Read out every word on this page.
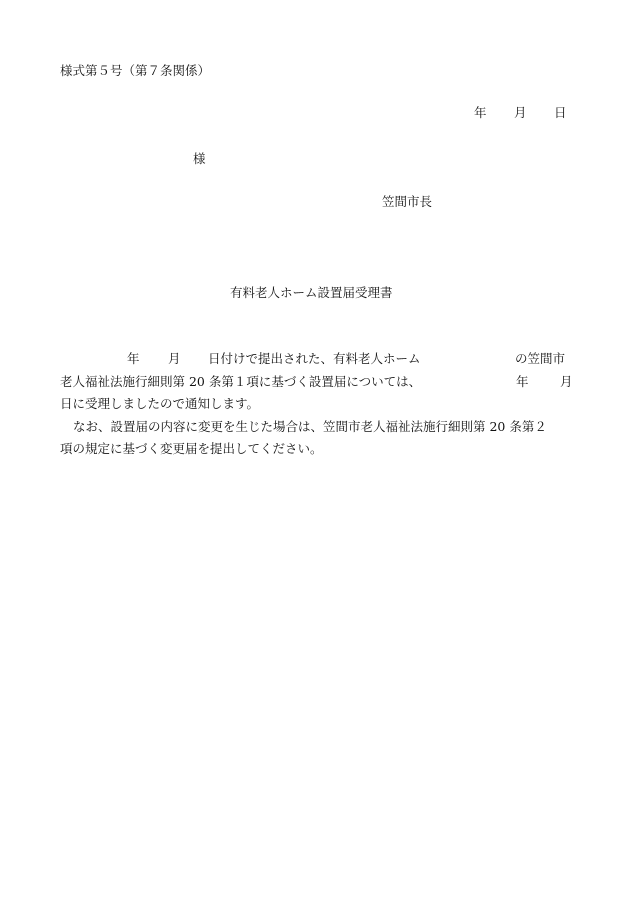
様式第５号（第７条関係）

年 月 日

様

笠間市長

有料老人ホーム設置届受理書

年

月

日付けで提出された、有料老人ホーム

	の笠間市

老人福祉法施行細則第 20 条第１項に基づく設置届については、

	年

	月

日に受理しましたので通知します。

なお、設置届の内容に変更を生じた場合は、笠間市老人福祉法施行細則第 20 条第２

項の規定に基づく変更届を提出してください。
